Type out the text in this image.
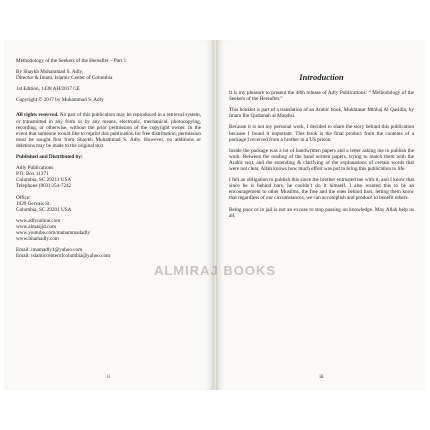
Methodology of the Seekers of the Hereafter – Part 1

By Shaykh Muhammad S. Adly,
Director & Imam, Islamic Center of Columbia

1st Edition, 1438 AH/2017 CE

Copyright © 2017 by Muhammad S. Adly

All rights reserved. No part of this publication may be reproduced in a retrieval system, or transmitted in any form or by any means, electronic, mechanical, photocopying, recording, or otherwise, without the prior permission of the copyright owner. In the event that someone would like to reprint this publication for free distribution, permission must be sought first from Shaykh Muhammad S. Adly. However, no additions or deletions may be made to the original text.

Published and Distributed by:

Adly Publications
P.O. Box 11371
Columbia, SC 29211 USA
Telephone (803) 254-7242

Office:
1929 Gervais St.
Columbia, SC 29201 USA

www.adlyonline.com
www.almasjid.com
www.youtube.com/muhammadadly
www.imamadly.com

Email: imamadly1@yahoo.com
Email: islamiccenterofcolumbia@yahoo.com

ii
Introduction

It is my pleasure to present the 48th release of Adly Publications: “ Methodology of the Seekers of the Hereafter.”

This booklet is part of a translation of an Arabic book, Mukhtasar Minhaj Al Qasidin, by Imam Ibn Qudamah al Maqdisi.

Because it is not my personal work, I decided to share the story behind this publication because I found it important. This book is the final product from the contents of a package I received from a brother in a US prison.

Inside the package was a lot of handwritten papers and a letter asking me to publish the work. Between the reading of the hand written papers, trying to match them with the Arabic text, and the extending & clarifying of the explanations of certain words that were not clear, Allah knows how much effort was put to bring this publication to life.

I felt an obligation to publish this since the brother entrusted me with it, and I know that since he is behind bars, he couldn’t do it himself. I also wanted this to be an encouragement to other Muslims, the free and the ones behind bars, letting them know that regardless of our circumstances, we can accomplish and produce to benefit others.

Being poor or in jail is not an excuse to stop passing on knowledge. May Allah help us all.

iii
ALMIRAJ BOOKS
